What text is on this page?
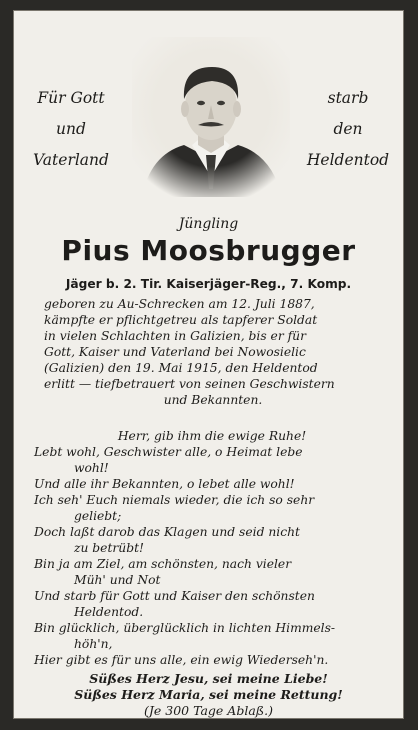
Für Gott
und
Vaterland
starb
den
Heldentod
Jüngling
Pius Moosbrugger
Jäger b. 2. Tir. Kaiserjäger-Reg., 7. Komp.
geboren zu Au-Schrecken am 12. Juli 1887,
kämpfte er pflichtgetreu als tapferer Soldat
in vielen Schlachten in Galizien, bis er für
Gott, Kaiser und Vaterland bei Nowosielic
(Galizien) den 19. Mai 1915, den Heldentod
erlitt — tiefbetrauert von seinen Geschwistern
und Bekannten.
Herr, gib ihm die ewige Ruhe!
Lebt wohl, Geschwister alle, o Heimat lebe
wohl!
Und alle ihr Bekannten, o lebet alle wohl!
Ich seh' Euch niemals wieder, die ich so sehr
geliebt;
Doch laßt darob das Klagen und seid nicht
zu betrübt!
Bin ja am Ziel, am schönsten, nach vieler
Müh' und Not
Und starb für Gott und Kaiser den schönsten
Heldentod.
Bin glücklich, überglücklich in lichten Himmels-
höh'n,
Hier gibt es für uns alle, ein ewig Wiederseh'n.
Süßes Herz Jesu, sei meine Liebe!
Süßes Herz Maria, sei meine Rettung!
(Je 300 Tage Ablaß.)
